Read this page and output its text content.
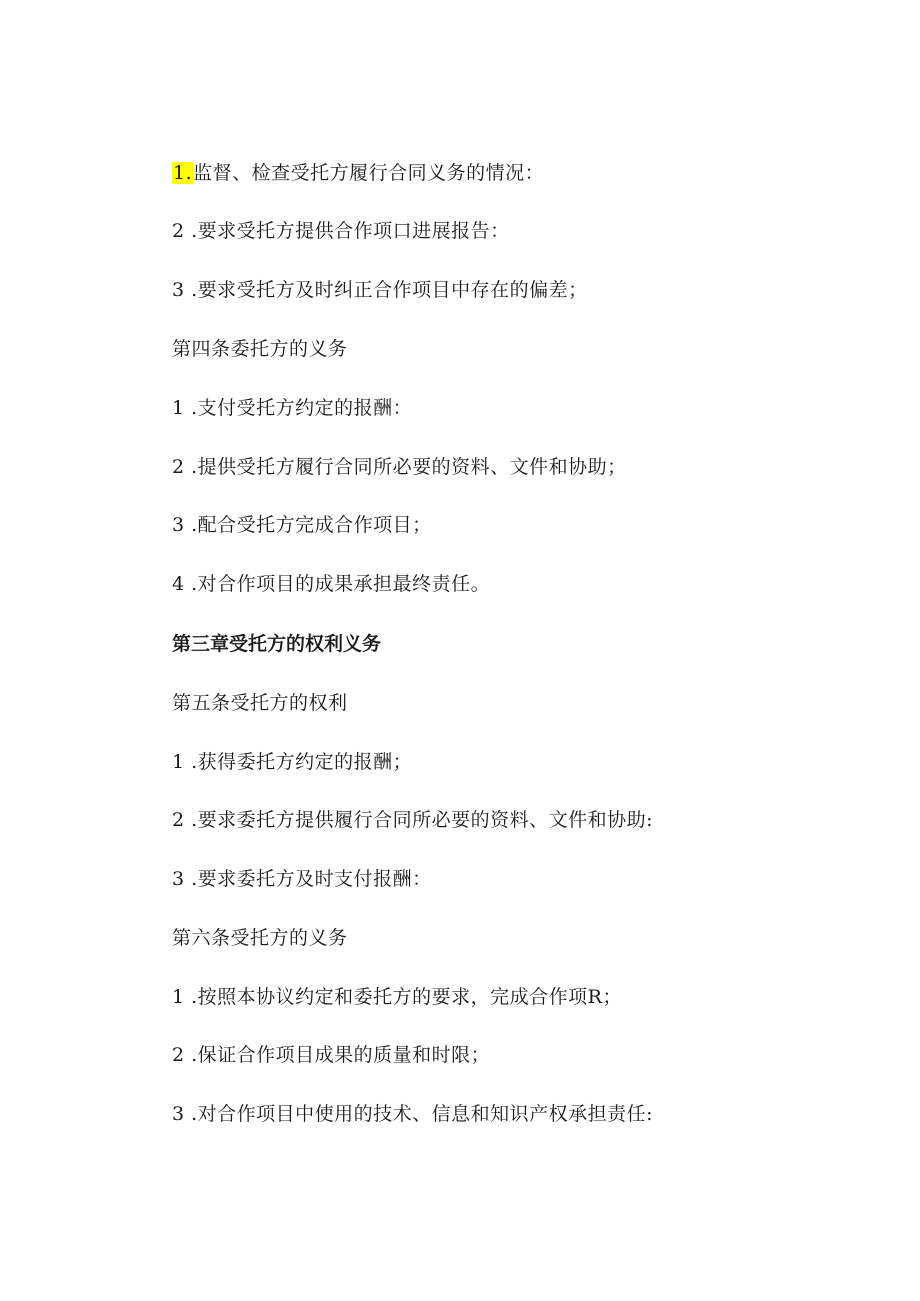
1.监督、检查受托方履行合同义务的情况：
2 .要求受托方提供合作项口进展报告：
3 .要求受托方及时纠正合作项目中存在的偏差；
第四条委托方的义务
1 .支付受托方约定的报酬：
2 .提供受托方履行合同所必要的资料、文件和协助；
3 .配合受托方完成合作项目；
4 .对合作项目的成果承担最终责任。
第三章受托方的权利义务
第五条受托方的权利
1 .获得委托方约定的报酬；
2 .要求委托方提供履行合同所必要的资料、文件和协助:
3 .要求委托方及时支付报酬：
第六条受托方的义务
1 .按照本协议约定和委托方的要求，完成合作项R；
2 .保证合作项目成果的质量和时限；
3 .对合作项目中使用的技术、信息和知识产权承担责任:
